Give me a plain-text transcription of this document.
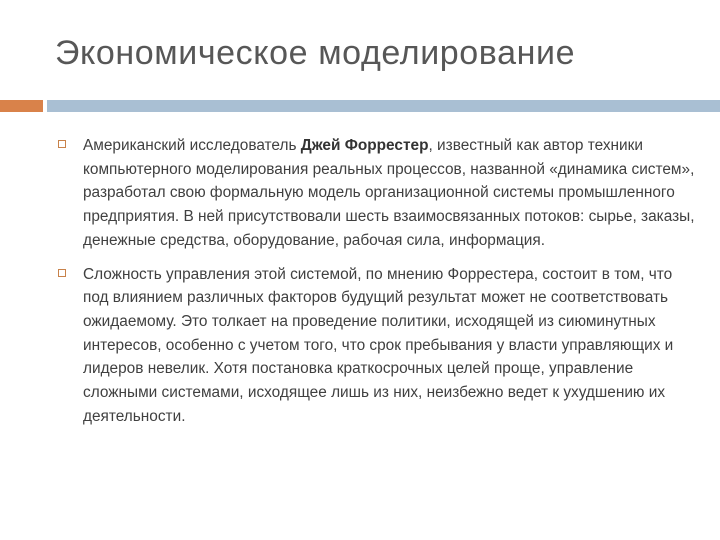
Экономическое моделирование
Американский исследователь Джей Форрестер, известный как автор техники компьютерного моделирования реальных процессов, названной «динамика систем», разработал свою формальную модель организационной системы промышленного предприятия. В ней присутствовали шесть взаимосвязанных потоков: сырье, заказы, денежные средства, оборудование, рабочая сила, информация.
Сложность управления этой системой, по мнению Форрестера, состоит в том, что под влиянием различных факторов будущий результат может не соответствовать ожидаемому. Это толкает на проведение политики, исходящей из сиюминутных интересов, особенно с учетом того, что срок пребывания у власти управляющих и лидеров невелик. Хотя постановка краткосрочных целей проще, управление сложными системами, исходящее лишь из них, неизбежно ведет к ухудшению их деятельности.
